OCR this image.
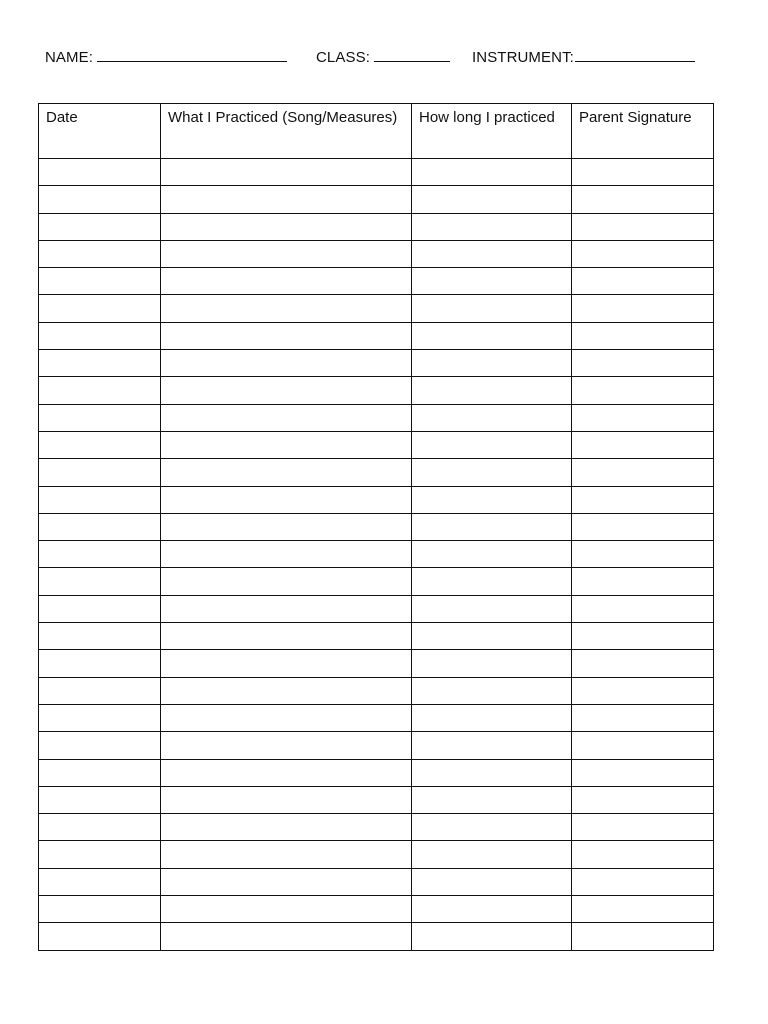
NAME:	CLASS:	INSTRUMENT:
Date	What I Practiced (Song/Measures)	How long I practiced	Parent Signature
